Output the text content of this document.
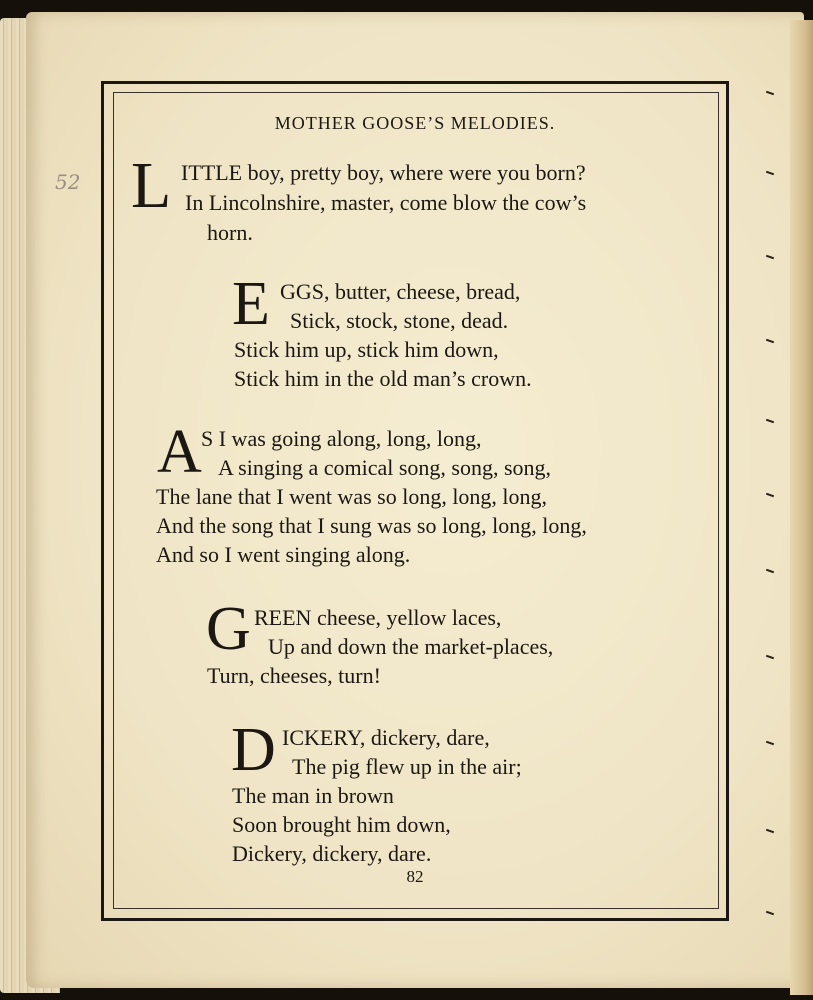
52
MOTHER GOOSE’S MELODIES.
L ITTLE boy, pretty boy, where were you born?
In Lincolnshire, master, come blow the cow’s
horn.
E GGS, butter, cheese, bread,
Stick, stock, stone, dead.
Stick him up, stick him down,
Stick him in the old man’s crown.
A S I was going along, long, long,
A singing a comical song, song, song,
The lane that I went was so long, long, long,
And the song that I sung was so long, long, long,
And so I went singing along.
G REEN cheese, yellow laces,
Up and down the market-places,
Turn, cheeses, turn!
D ICKERY, dickery, dare,
The pig flew up in the air;
The man in brown
Soon brought him down,
Dickery, dickery, dare.
82
